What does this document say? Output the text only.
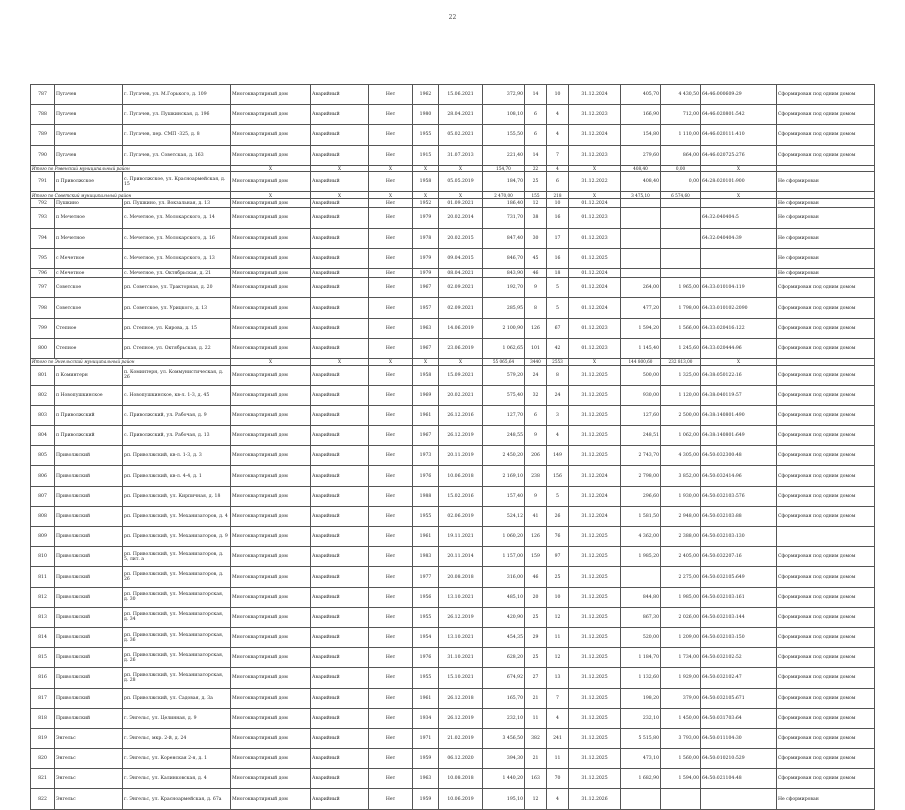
22
787	Пугачев	г. Пугачев, ул. М.Горького, д. 109	Многоквартирный дом	Аварийный	Нет	1962	15.06.2021	372,90	14	10	31.12.2024	405,70	4 430,50	64:46:000609:29	Сформирован под одним домом
788	Пугачев	г. Пугачев, ул. Пушкинская, д. 196	Многоквартирный дом	Аварийный	Нет	1980	28.04.2021	108,10	6	4	31.12.2023	166,90	712,00	64:46:020801:542	Сформирован под одним домом
789	Пугачев	г. Пугачев, пер. СМП -325, д. 8	Многоквартирный дом	Аварийный	Нет	1955	05.02.2021	155,50	6	4	31.12.2024	154,80	1 110,00	64:46:020111:410	Сформирован под одним домом
790	Пугачев	г. Пугачев, ул. Советская, д. 163	Многоквартирный дом	Аварийный	Нет	1915	31.07.2013	221,40	14	7	31.12.2023	279,60	864,00	64:46:020725:276	Сформирован под одним домом
Итого по Ровенский муниципальный район			X	X	X	X	X	154,70	22	4	X	408,40	0,00	X	
791	п Приволжское	с. Приволжское, ул. Красноармейская, д. 15	Многоквартирный дом	Аварийный	Нет	1958	05.05.2019	184,70	25	6	31.12.2022	408,40	0,00	64:28:020101:900	Не сформирован
Итого по Советский муниципальный район			X	X	X	X	X	2 470,00	155	218	X	3 475,10	6 574,60	X	
792	Пушкино	рп. Пушкино, ул. Вокзальная, д. 13	Многоквартирный дом	Аварийный	Нет	1952	01.09.2021	186,40	12	10	01.12.2024				Не сформирован
793	п Мечетное	с. Мечетное, ул. Молокарского, д. 14	Многоквартирный дом	Аварийный	Нет	1979	20.02.2014	731,70	38	16	01.12.2023			64:32:040404:5	Не сформирован
794	п Мечетное	с. Мечетное, ул. Молокарского, д. 16	Многоквартирный дом	Аварийный	Нет	1978	20.02.2015	847,40	30	17	01.12.2023			64:32:040404:39	Не сформирован
795	с Мечетное	с. Мечетное, ул. Молокарского, д. 13	Многоквартирный дом	Аварийный	Нет	1979	09.04.2015	846,70	45	16	01.12.2025				Не сформирован
796	с Мечетное	с. Мечетное, ул. Октябрьская, д. 21	Многоквартирный дом	Аварийный	Нет	1979	08.04.2021	843,90	46	18	01.12.2024				Не сформирован
797	Советское	рп. Советское, ул. Тракторная, д. 20	Многоквартирный дом	Аварийный	Нет	1967	02.09.2021	192,70	9	5	01.12.2024	264,00	1 965,00	64:33:010104:119	Сформирован под одним домом
798	Советское	рп. Советское, ул. Урицкого, д. 13	Многоквартирный дом	Аварийный	Нет	1957	02.09.2021	285,95	8	5	01.12.2024	477,20	1 798,00	64:33:010102:2090	Сформирован под одним домом
799	Степное	рп. Степное, ул. Кирова, д. 15	Многоквартирный дом	Аварийный	Нет	1963	14.06.2019	2 100,90	126	67	01.12.2023	1 594,20	1 566,00	64:33:020416:122	Сформирован под одним домом
800	Степное	рп. Степное, ул. Октябрьская, д. 22	Многоквартирный дом	Аварийный	Нет	1967	23.06.2019	1 062,65	101	42	01.12.2023	1 145,40	1 245,60	64:33:020444:96	Сформирован под одним домом
Итого по Энгельсский муниципальный район			X	X	X	X	X	55 065,64	3440	2553	X	144 800,60	232 813,00	X	
801	п Коминтерн	п. Коминтерн, ул. Коммунистическая, д. 26	Многоквартирный дом	Аварийный	Нет	1958	15.09.2021	579,20	24	8	31.12.2025	500,00	1 325,00	64:38:050122:16	Сформирован под одним домом
802	п Новопушкинское	с. Новопушкинское, кв-л. 1-3, д. 45	Многоквартирный дом	Аварийный	Нет	1969	20.02.2021	575,40	32	24	31.12.2025	930,00	1 120,00	64:38:040119:57	Сформирован под одним домом
803	п Приволжский	с. Приволжский, ул. Рабочая, д. 9	Многоквартирный дом	Аварийный	Нет	1961	26.12.2016	127,70	6	3	31.12.2025	127,60	2 500,00	64:38:140801:490	Сформирован под одним домом
804	п Приволжский	с. Приволжский, ул. Рабочая, д. 13	Многоквартирный дом	Аварийный	Нет	1967	26.12.2019	248,55	9	4	31.12.2025	248,51	1 062,00	64:38:140801:649	Сформирован под одним домом
805	Приволжский	рп. Приволжский, кв-л. 1-3, д. 3	Многоквартирный дом	Аварийный	Нет	1973	20.11.2019	2 450,20	206	149	31.12.2025	2 743,70	4 305,00	64:50:032300:48	Сформирован под одним домом
806	Приволжский	рп. Приволжский, кв-л. 4-4, д. 1	Многоквартирный дом	Аварийный	Нет	1976	10.06.2018	2 169,10	238	156	31.12.2024	2 798,00	3 852,00	64:50:032414:96	Сформирован под одним домом
807	Приволжский	рп. Приволжский, ул. Кирпичная, д. 18	Многоквартирный дом	Аварийный	Нет	1988	15.02.2016	157,40	9	5	31.12.2024	296,60	1 930,00	64:50:032103:576	Сформирован под одним домом
808	Приволжский	рп. Приволжский, ул. Механизаторов, д. 4	Многоквартирный дом	Аварийный	Нет	1955	02.06.2019	524,12	41	26	31.12.2024	1 581,50	2 948,00	64:50:032103:88	Сформирован под одним домом
809	Приволжский	рп. Приволжский, ул. Механизаторов, д. 9	Многоквартирный дом	Аварийный	Нет	1961	19.11.2021	1 060,20	126	76	31.12.2025	4 362,00	2 388,00	64:50:032103:130	
810	Приволжский	рп. Приволжский, ул. Механизаторов, д. 5, лит. а	Многоквартирный дом	Аварийный	Нет	1983	20.11.2014	1 157,00	159	97	31.12.2025	1 985,20	2 405,00	64:50:032207:16	Сформирован под одним домом
811	Приволжский	рп. Приволжский, ул. Механизаторов, д. 26	Многоквартирный дом	Аварийный	Нет	1977	20.08.2018	316,00	46	25	31.12.2025		2 275,00	64:50:032105:649	Сформирован под одним домом
812	Приволжский	рп. Приволжский, ул. Механизаторская, д. 30	Многоквартирный дом	Аварийный	Нет	1956	13.10.2021	485,10	20	10	31.12.2025	844,80	1 985,00	64:50:032103:161	Сформирован под одним домом
813	Приволжский	рп. Приволжский, ул. Механизаторская, д. 34	Многоквартирный дом	Аварийный	Нет	1955	26.12.2019	420,90	25	12	31.12.2025	867,30	2 026,00	64:50:032103:144	Сформирован под одним домом
814	Приволжский	рп. Приволжский, ул. Механизаторская, д. 36	Многоквартирный дом	Аварийный	Нет	1954	13.10.2021	454,35	29	11	31.12.2025	520,00	1 209,00	64:50:032103:150	Сформирован под одним домом
815	Приволжский	рп. Приволжский, ул. Механизаторская, д. 26	Многоквартирный дом	Аварийный	Нет	1976	31.10.2021	628,20	25	12	31.12.2025	1 184,70	1 734,00	64:50:032102:52	Сформирован под одним домом
816	Приволжский	рп. Приволжский, ул. Механизаторская, д. 28	Многоквартирный дом	Аварийный	Нет	1955	15.10.2021	674,92	27	13	31.12.2025	1 132,60	1 929,00	64:50:032102:47	Сформирован под одним домом
817	Приволжский	рп. Приволжский, ул. Садовая, д. 3а	Многоквартирный дом	Аварийный	Нет	1961	26.12.2018	165,70	21	7	31.12.2025	198,20	379,00	64:50:032105:671	Сформирован под одним домом
818	Приволжский	г. Энгельс, ул. Целинная, д. 9	Многоквартирный дом	Аварийный	Нет	1934	26.12.2019	232,10	11	4	31.12.2025	232,10	1 450,00	64:50:031703:64	Сформирован под одним домом
819	Энгельс	г. Энгельс, мкр. 2-й, д. 24	Многоквартирный дом	Аварийный	Нет	1971	21.02.2019	3 456,50	382	241	31.12.2025	5 515,80	3 793,00	64:50:011104:30	Сформирован под одним домом
820	Энгельс	г. Энгельс, ул. Коренская 2-я, д. 1	Многоквартирный дом	Аварийный	Нет	1959	06.12.2020	394,30	21	11	31.12.2025	473,10	1 560,00	64:50:010210:529	Сформирован под одним домом
821	Энгельс	г. Энгельс, ул. Калинковская, д. 4	Многоквартирный дом	Аварийный	Нет	1963	10.08.2018	1 440,20	163	70	31.12.2025	1 682,90	1 594,00	64:50:021104:48	Сформирован под одним домом
822	Энгельс	г. Энгельс, ул. Красноармейская, д. 67а	Многоквартирный дом	Аварийный	Нет	1959	10.06.2019	195,10	12	4	31.12.2026				Не сформирован
